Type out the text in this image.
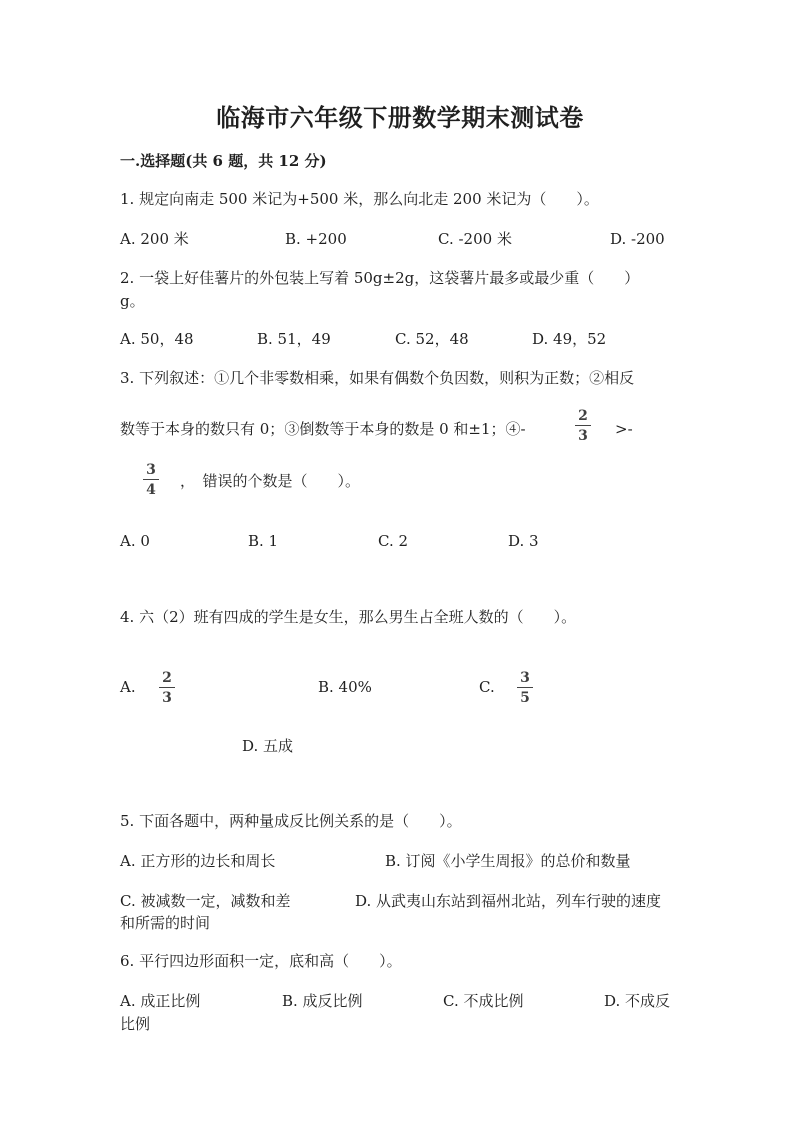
临海市六年级下册数学期末测试卷
一.选择题(共 6 题，共 12 分)
1. 规定向南走 500 米记为+500 米，那么向北走 200 米记为（　　）。
A. 200 米	B. +200	C. -200 米	D. -200
2. 一袋上好佳薯片的外包装上写着 50g±2g，这袋薯片最多或最少重（　　）
g。
A. 50，48	B. 51，49	C. 52，48	D. 49，52
3. 下列叙述：①几个非零数相乘，如果有偶数个负因数，则积为正数；②相反
数等于本身的数只有 0；③倒数等于本身的数是 0 和±1；④-
2
3 >-
3
4 ，　错误的个数是（　　）。
A. 0	B. 1	C. 2	D. 3
4. 六（2）班有四成的学生是女生，那么男生占全班人数的（　　）。
A. 2
3
B. 40%	C. 3
5
D. 五成
5. 下面各题中，两种量成反比例关系的是（　　）。
A. 正方形的边长和周长	B. 订阅《小学生周报》的总价和数量
C. 被减数一定，减数和差	D. 从武夷山东站到福州北站，列车行驶的速度
和所需的时间
6. 平行四边形面积一定，底和高（　　）。
A. 成正比例	B. 成反比例	C. 不成比例	D. 不成反
比例
